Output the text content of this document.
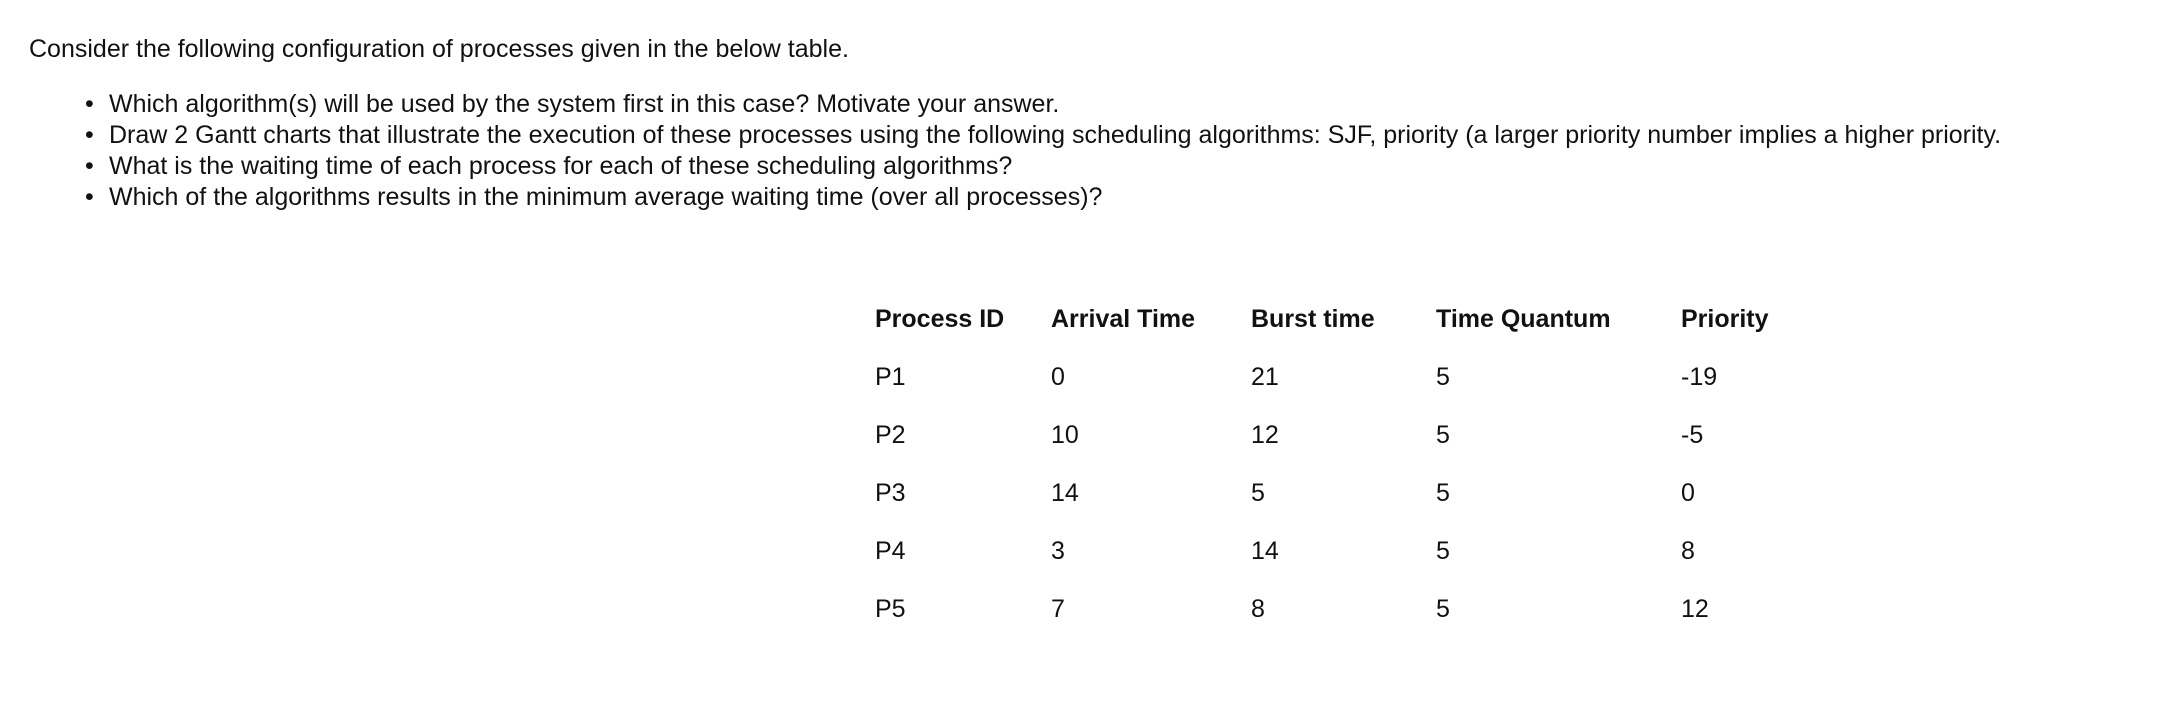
Consider the following configuration of processes given in the below table.

• Which algorithm(s) will be used by the system first in this case? Motivate your answer.
• Draw 2 Gantt charts that illustrate the execution of these processes using the following scheduling algorithms: SJF, priority (a larger priority number implies a higher priority.
• What is the waiting time of each process for each of these scheduling algorithms?
• Which of the algorithms results in the minimum average waiting time (over all processes)?
Process ID	Arrival Time	Burst time	Time Quantum	Priority
P1	0	21	5	-19
P2	10	12	5	-5
P3	14	5	5	0
P4	3	14	5	8
P5	7	8	5	12
